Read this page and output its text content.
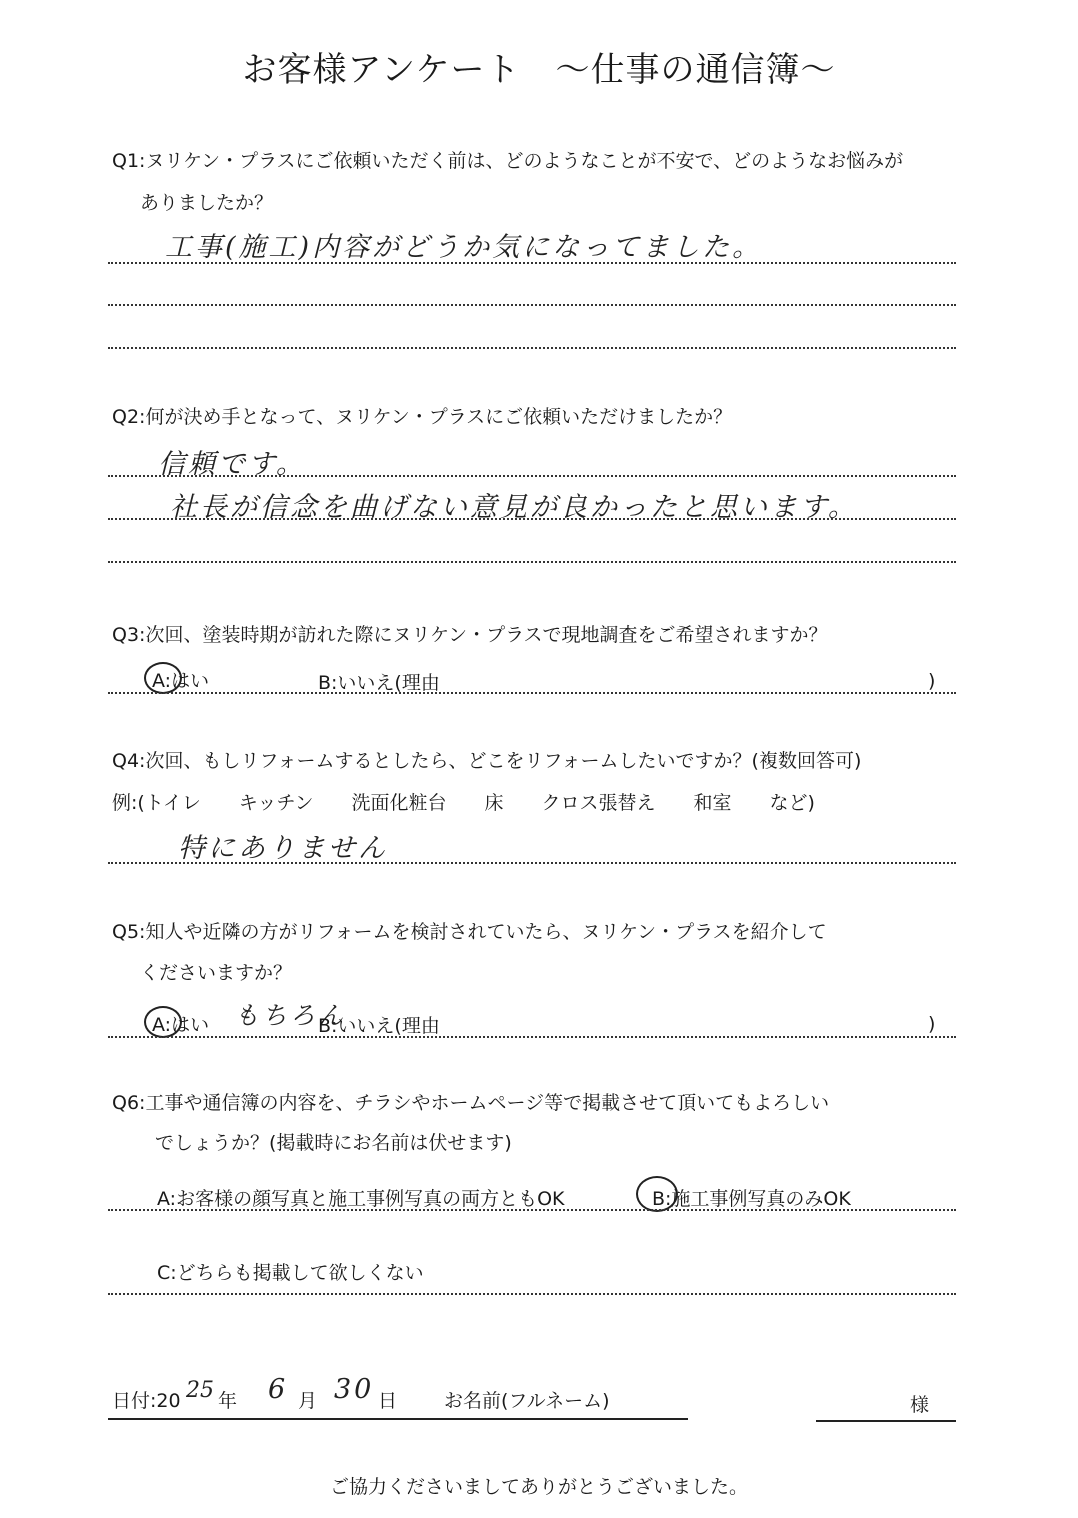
お客様アンケート　～仕事の通信簿～
Q1:ヌリケン・プラスにご依頼いただく前は、どのようなことが不安で、どのようなお悩みが
ありましたか？
工事(施工)内容がどうか気になってました。
Q2:何が決め手となって、ヌリケン・プラスにご依頼いただけましたか？
信頼です。
社長が信念を曲げない意見が良かったと思います。
Q3:次回、塗装時期が訪れた際にヌリケン・プラスで現地調査をご希望されますか？
A:はい	B:いいえ(理由	)
Q4:次回、もしリフォームするとしたら、どこをリフォームしたいですか？(複数回答可)
例:(トイレ　　キッチン　　洗面化粧台　　床　　クロス張替え　　和室　　など)
特にありません
Q5:知人や近隣の方がリフォームを検討されていたら、ヌリケン・プラスを紹介して
くださいますか？
A:はい もちろん
B:いいえ(理由	)
Q6:工事や通信簿の内容を、チラシやホームページ等で掲載させて頂いてもよろしい
でしょうか？(掲載時にお名前は伏せます)
A:お客様の顔写真と施工事例写真の両方ともOK	B:施工事例写真のみOK
C:どちらも掲載して欲しくない
日付:20 25 年 6 月 30 日 お名前(フルネーム)	様
ご協力くださいましてありがとうございました。
